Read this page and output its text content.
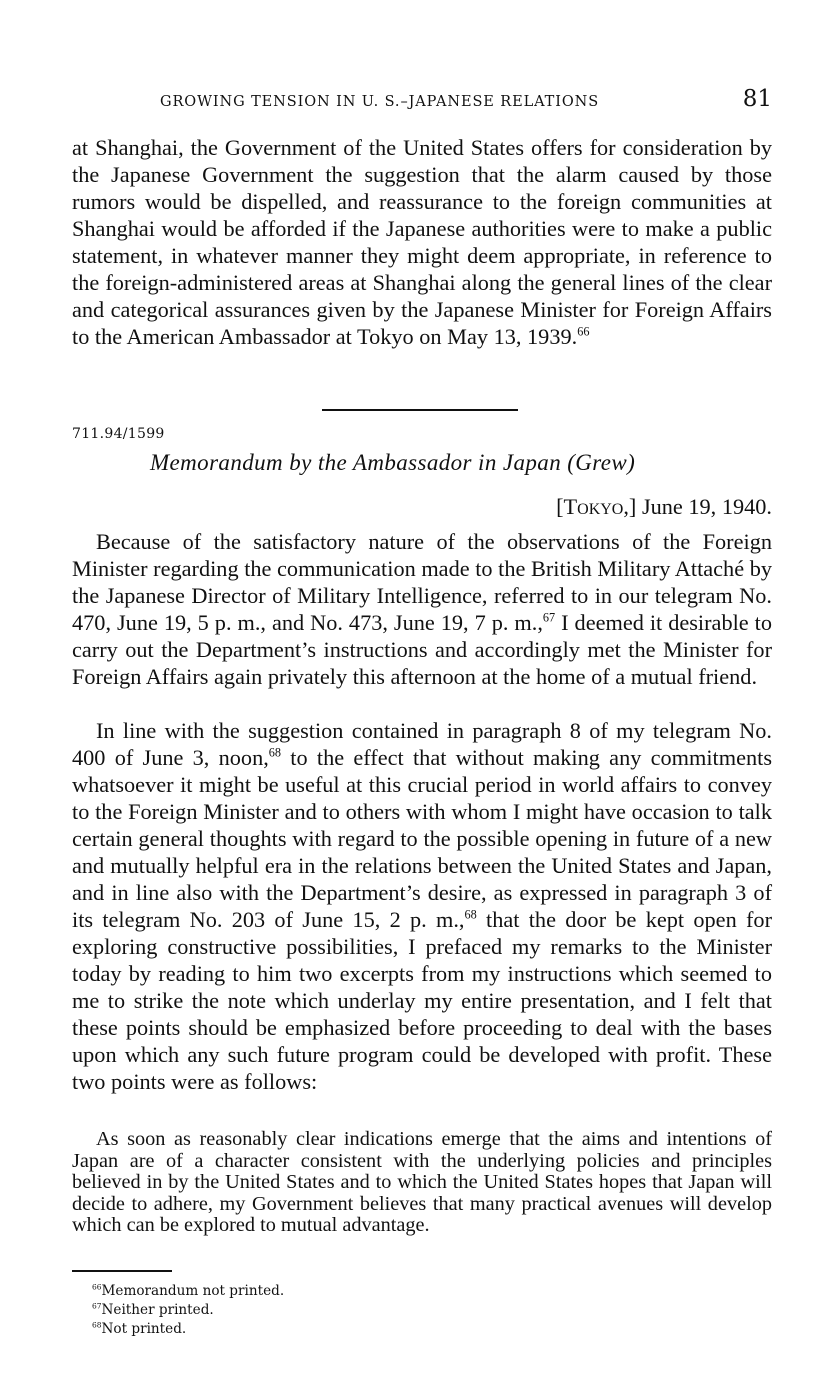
GROWING TENSION IN U. S.–JAPANESE RELATIONS	81
at Shanghai, the Government of the United States offers for consideration by the Japanese Government the suggestion that the alarm caused by those rumors would be dispelled, and reassurance to the foreign communities at Shanghai would be afforded if the Japanese authorities were to make a public statement, in whatever manner they might deem appropriate, in reference to the foreign-administered areas at Shanghai along the general lines of the clear and categorical assurances given by the Japanese Minister for Foreign Affairs to the American Ambassador at Tokyo on May 13, 1939.66
711.94/1599
Memorandum by the Ambassador in Japan (Grew)
[Tokyo,] June 19, 1940.

Because of the satisfactory nature of the observations of the Foreign Minister regarding the communication made to the British Military Attaché by the Japanese Director of Military Intelligence, referred to in our telegram No. 470, June 19, 5 p. m., and No. 473, June 19, 7 p. m.,$^{67}$ I deemed it desirable to carry out the Department’s instructions and accordingly met the Minister for Foreign Affairs again privately this afternoon at the home of a mutual friend.

In line with the suggestion contained in paragraph 8 of my telegram No. 400 of June 3, noon,$^{68}$ to the effect that without making any commitments whatsoever it might be useful at this crucial period in world affairs to convey to the Foreign Minister and to others with whom I might have occasion to talk certain general thoughts with regard to the possible opening in future of a new and mutually helpful era in the relations between the United States and Japan, and in line also with the Department’s desire, as expressed in paragraph 3 of its telegram No. 203 of June 15, 2 p. m.,$^{68}$ that the door be kept open for exploring constructive possibilities, I prefaced my remarks to the Minister today by reading to him two excerpts from my instructions which seemed to me to strike the note which underlay my entire presentation, and I felt that these points should be emphasized before proceeding to deal with the bases upon which any such future program could be developed with profit. These two points were as follows:

As soon as reasonably clear indications emerge that the aims and intentions of Japan are of a character consistent with the underlying policies and principles believed in by the United States and to which the United States hopes that Japan will decide to adhere, my Government believes that many practical avenues will develop which can be explored to mutual advantage.

$^{66}$Memorandum not printed.
$^{67}$Neither printed.
$^{68}$Not printed.
